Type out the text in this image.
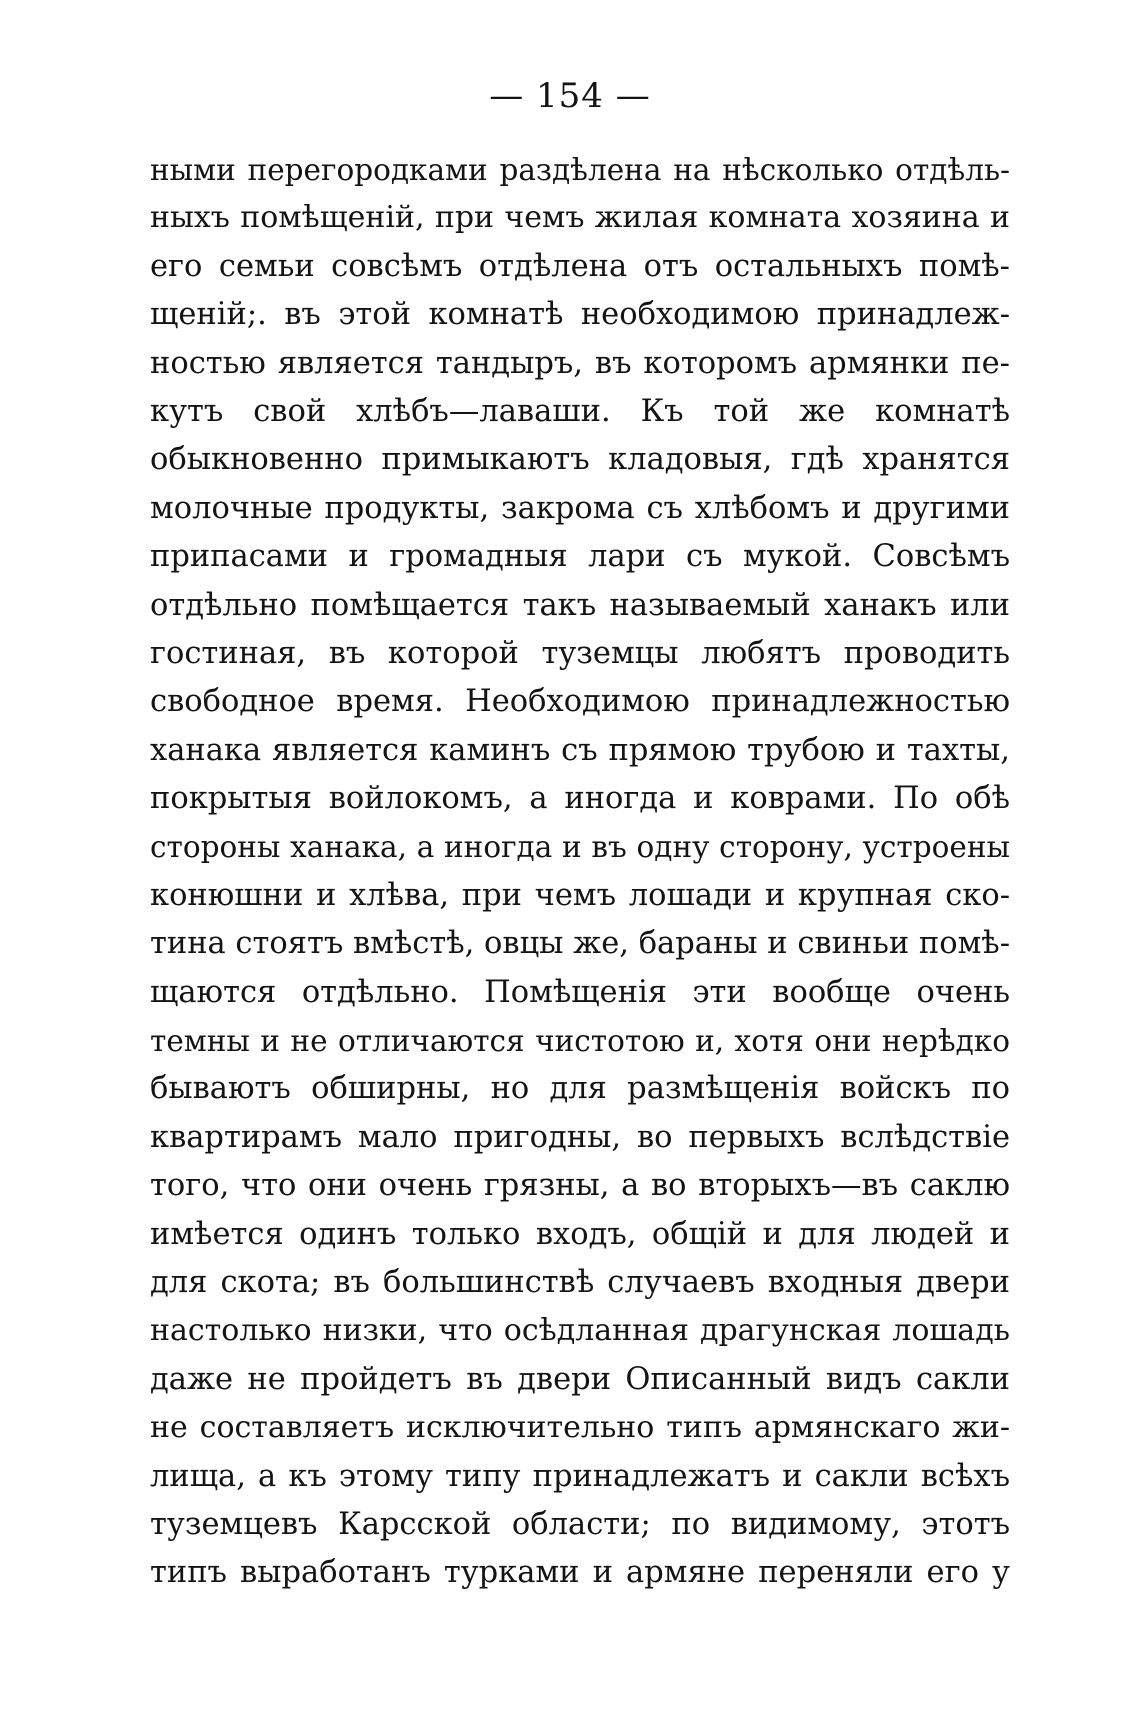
— 154 —
ными перегородками раздѣлена на нѣсколько отдѣль-
ныхъ помѣщеній, при чемъ жилая комната хозяина и
его семьи совсѣмъ отдѣлена отъ остальныхъ помѣ-
щеній;. въ этой комнатѣ необходимою принадлеж-
ностью является тандыръ, въ которомъ армянки пе-
кутъ свой хлѣбъ—лаваши. Къ той же комнатѣ
обыкновенно примыкаютъ кладовыя, гдѣ хранятся
молочные продукты, закрома съ хлѣбомъ и другими
припасами и громадныя лари съ мукой. Совсѣмъ
отдѣльно помѣщается такъ называемый ханакъ или
гостиная, въ которой туземцы любятъ проводить
свободное время. Необходимою принадлежностью
ханака является каминъ съ прямою трубою и тахты,
покрытыя войлокомъ, а иногда и коврами. По обѣ
стороны ханака, а иногда и въ одну сторону, устроены
конюшни и хлѣва, при чемъ лошади и крупная ско-
тина стоятъ вмѣстѣ, овцы же, бараны и свиньи помѣ-
щаются отдѣльно. Помѣщенія эти вообще очень
темны и не отличаются чистотою и, хотя они нерѣдко
бываютъ обширны, но для размѣщенія войскъ по
квартирамъ мало пригодны, во первыхъ вслѣдствіе
того, что они очень грязны, а во вторыхъ—въ саклю
имѣется одинъ только входъ, общій и для людей и
для скота; въ большинствѣ случаевъ входныя двери
настолько низки, что осѣдланная драгунская лошадь
даже не пройдетъ въ двери Описанный видъ сакли
не составляетъ исключительно типъ армянскаго жи-
лища, а къ этому типу принадлежатъ и сакли всѣхъ
туземцевъ Карсской области; по видимому, этотъ
типъ выработанъ турками и армяне переняли его у
